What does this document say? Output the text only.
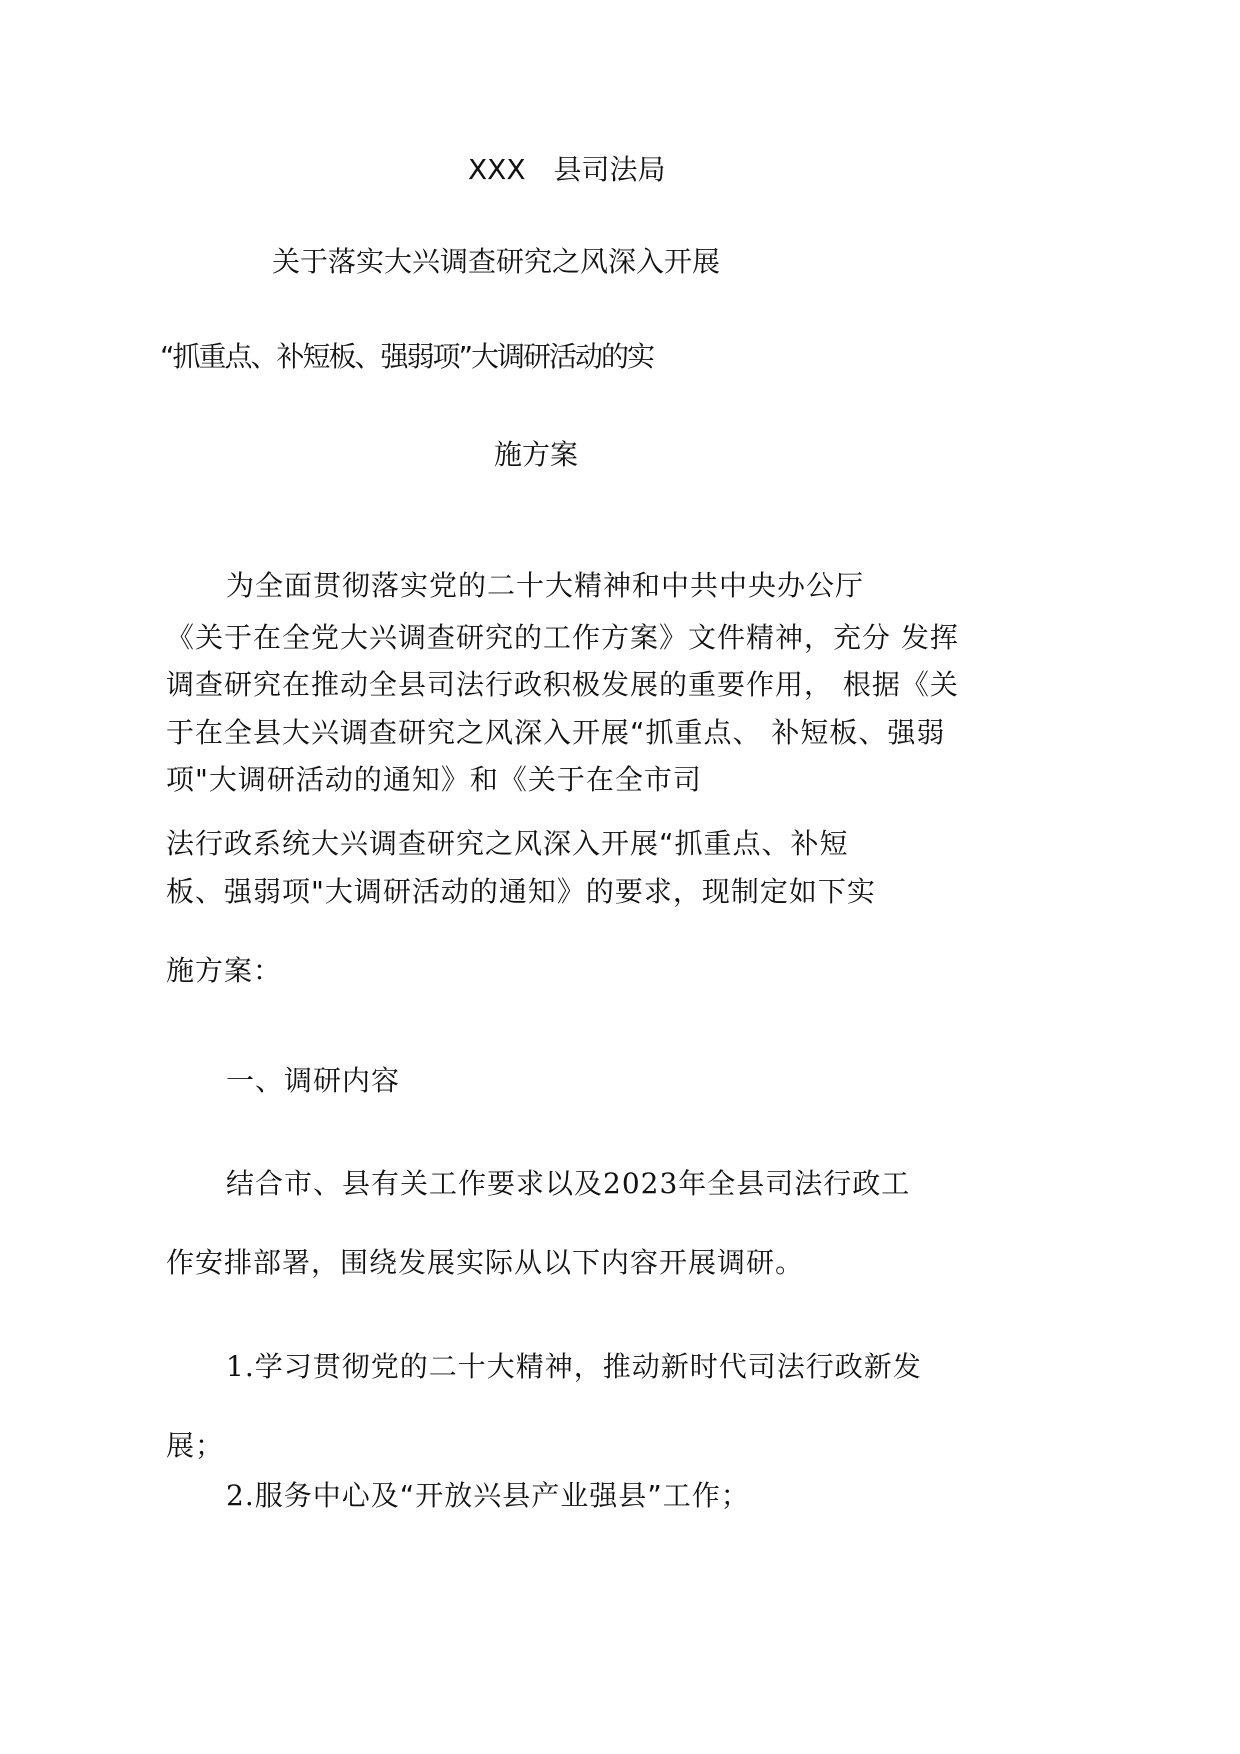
XXX　县司法局
关于落实大兴调查研究之风深入开展
“抓重点、补短板、强弱项”大调研活动的实
施方案
为全面贯彻落实党的二十大精神和中共中央办公厅
《关于在全党大兴调查研究的工作方案》文件精神，充分 发挥
调查研究在推动全县司法行政积极发展的重要作用， 根据《关
于在全县大兴调查研究之风深入开展“抓重点、 补短板、强弱
项"大调研活动的通知》和《关于在全市司
法行政系统大兴调查研究之风深入开展“抓重点、补短
板、强弱项"大调研活动的通知》的要求，现制定如下实
施方案：
一、调研内容
结合市、县有关工作要求以及2023年全县司法行政工
作安排部署，围绕发展实际从以下内容开展调研。
1.学习贯彻党的二十大精神，推动新时代司法行政新发
展；
2.服务中心及“开放兴县产业强县”工作；
